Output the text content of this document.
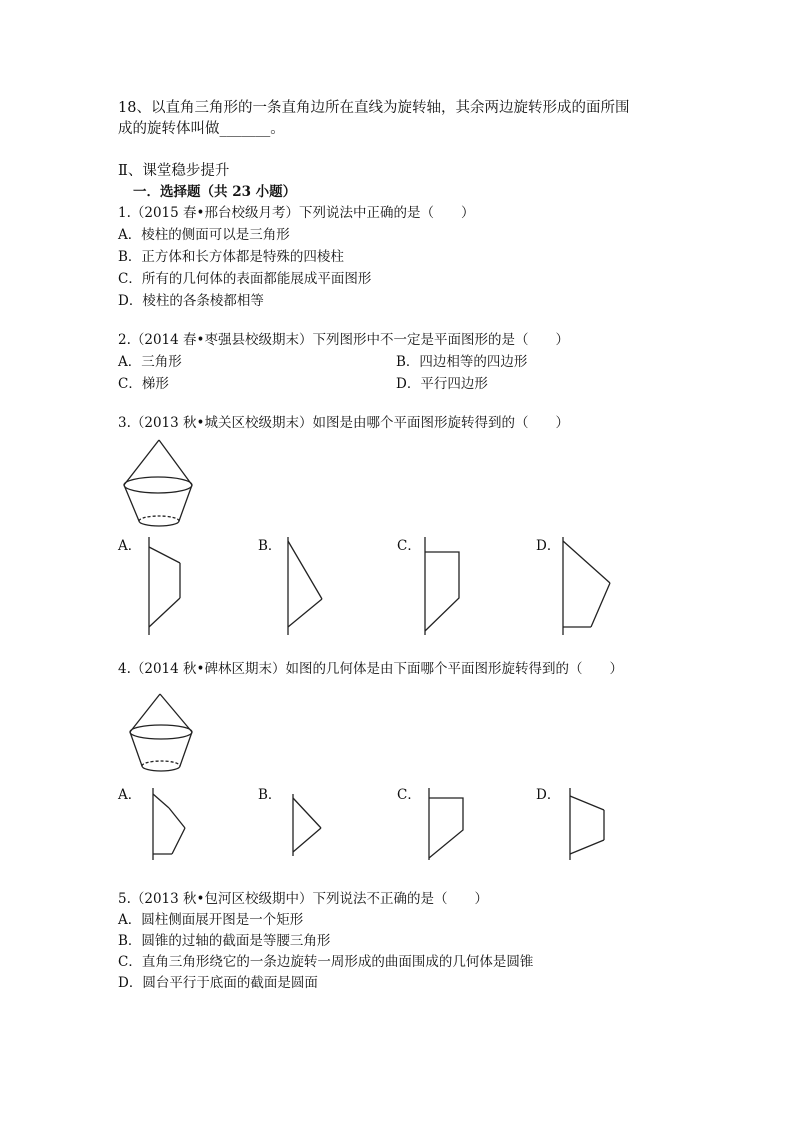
18、以直角三角形的一条直角边所在直线为旋转轴，其余两边旋转形成的面所围
成的旋转体叫做_______。
Ⅱ、课堂稳步提升
一．选择题（共 23 小题）
1.（2015 春•邢台校级月考）下列说法中正确的是（　　）
A．棱柱的侧面可以是三角形
B．正方体和长方体都是特殊的四棱柱
C．所有的几何体的表面都能展成平面图形
D．棱柱的各条棱都相等
2.（2014 春•枣强县校级期末）下列图形中不一定是平面图形的是（　　）
A．三角形	B．四边相等的四边形
C．梯形	D．平行四边形
3.（2013 秋•城关区校级期末）如图是由哪个平面图形旋转得到的（　　）
A．	B．	C．	D．
4.（2014 秋•碑林区期末）如图的几何体是由下面哪个平面图形旋转得到的（　　）
A．	B．	C．	D．
5.（2013 秋•包河区校级期中）下列说法不正确的是（　　）
A．圆柱侧面展开图是一个矩形
B．圆锥的过轴的截面是等腰三角形
C．直角三角形绕它的一条边旋转一周形成的曲面围成的几何体是圆锥
D．圆台平行于底面的截面是圆面
